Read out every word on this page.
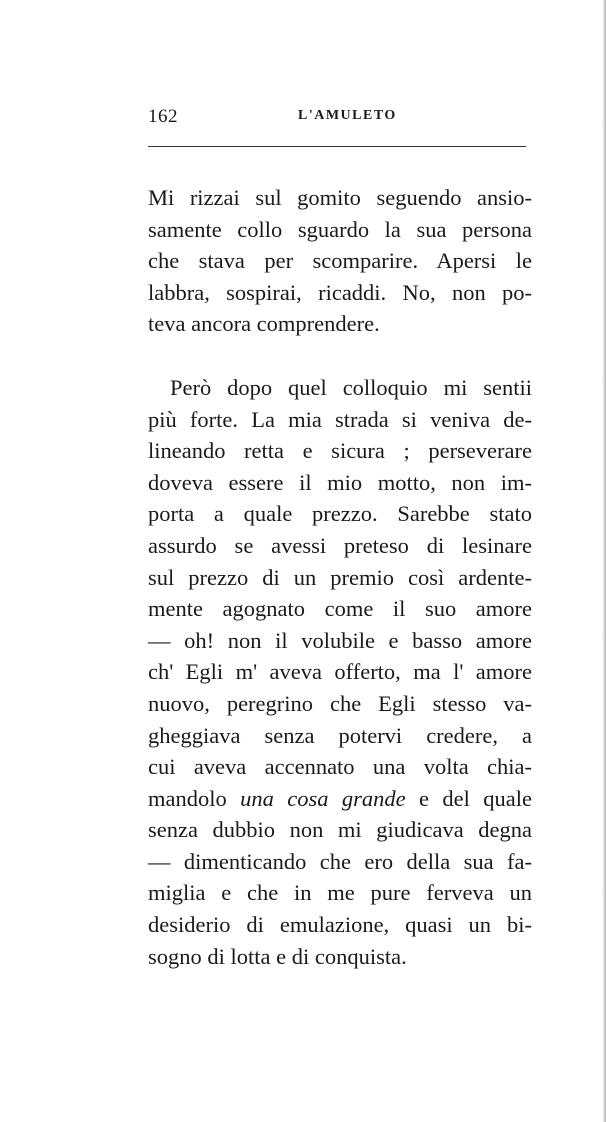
162	L'AMULETO
Mi rizzai sul gomito seguendo ansio-
samente collo sguardo la sua persona
che stava per scomparire. Apersi le
labbra, sospirai, ricaddi. No, non po-
teva ancora comprendere.
Però dopo quel colloquio mi sentii
più forte. La mia strada si veniva de-
lineando retta e sicura ; perseverare
doveva essere il mio motto, non im-
porta a quale prezzo. Sarebbe stato
assurdo se avessi preteso di lesinare
sul prezzo di un premio così ardente-
mente agognato come il suo amore
— oh! non il volubile e basso amore
ch' Egli m' aveva offerto, ma l' amore
nuovo, peregrino che Egli stesso va-
gheggiava senza potervi credere, a
cui aveva accennato una volta chia-
mandolo una cosa grande e del quale
senza dubbio non mi giudicava degna
— dimenticando che ero della sua fa-
miglia e che in me pure ferveva un
desiderio di emulazione, quasi un bi-
sogno di lotta e di conquista.
